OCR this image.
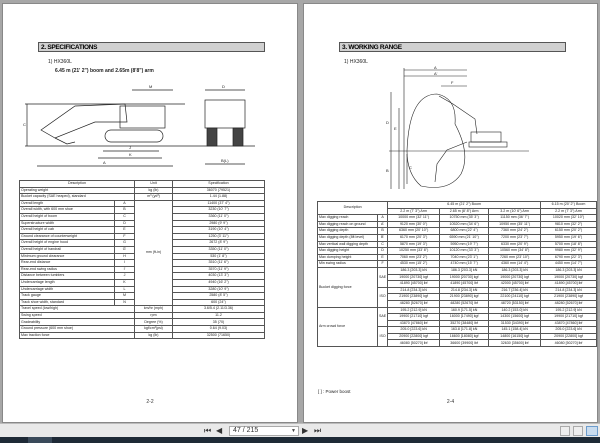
2. SPECIFICATIONS
1) HX360L
6.45 m (21' 2") boom and 2.65m (8'8") arm
C
A
K
J
M	D
B(L)
Description		Unit	Specification
Operating weight		kg (lb)	36070 (79521)
Bucket capacity (SAE heaped), standard		m³ (yd³)	1.44 (1.88)
Overall length	A	mm (ft-in)	11400 (37' 4")
Overall width, with 600 mm shoe	B		3230 (10' 7")
Overall height of boom	C		3360 (11' 0")
Superstructure width	D		2980 (9' 9")
Overall height of cab	E		3190 (10' 4")
Ground clearance of counterweight	F		1250 (3' 11")
Overall height of engine hood	G		2672 (8' 9")
Overall height of handrail	G'		3350 (11' 0")
Minimum ground clearance	H		530 (1' 8")
Rear-end distance	I		3510 (11' 6")
Rear-end swing radius	I'		3570 (11' 9")
Distance between tumblers	J		4030 (13' 3")
Undercarriage length	K		4940 (16' 2")
Undercarriage width	L		3280 (10' 9")
Track gauge	M		2580 (8' 5")
Track shoe width, standard	N		600 (24")
Travel speed (low/high)		km/hr (mph)	3.6/5.4 (2.11/3.36)
Swing speed		rpm	11.2
Gradeability		Degree (%)	35 (70)
Ground pressure (600 mm shoe)		kgf/cm²(psi)	0.64 (9.03)
Max traction force		kg (lb)	32500 (71650)
2-2
3. WORKING RANGE
1) HX360L
A
A'
F
D
E
B
C
Description		6.45 m (21' 2") Boom			6.15 m (20' 2") Boom
		2.2 m (7' 3") Arm	2.65 m (8' 8") Arm	3.2 m (10' 6") Arm	2.2 m (7' 3") Arm
Max digging reach	A	10000 mm (32' 11")	10750 mm (35' 3")	11150 mm (36' 7")	10020 mm (32' 10")
Max digging reach on ground	A'	9120 mm (30' 0")	10520 mm (34' 6")	10950 mm (35' 11")	9810 mm (32' 2")
Max digging depth	B	6360 mm (20' 10")	6800 mm (22' 4")	7360 mm (24' 2")	6150 mm (20' 2")
Max digging depth (8ft level)	B'	6170 mm (20' 3")	6590 mm (21' 10")	7200 mm (23' 7")	5950 mm (19' 6")
Max vertical wall digging depth	C	5870 mm (19' 3")	5950 mm (19' 7")	6330 mm (20' 9")	5700 mm (18' 8")
Max digging height	D	10250 mm (33' 8")	10120 mm (33' 3")	10560 mm (34' 8")	9980 mm (32' 9")
Max dumping height	E	7060 mm (23' 2")	7040 mm (23' 1")	7260 mm (23' 10")	6790 mm (22' 3")
Min swing radius	F	4530 mm (15' 2")	4740 mm (15' 7")	4360 mm (14' 4")	4450 mm (14' 7")
Bucket digging force	SAE	186.3 [203.3] kN	186.3 [203.3] kN	186.3 [203.3] kN	186.3 [203.3] kN
		19000 [20730] kgf	19000 [20730] kgf	19000 [20730] kgf	19000 [20730] kgf
		41890 [45700] lbf	41890 [45700] lbf	42000 [45700] lbf	41890 [45700] lbf
	ISO	214.8 [234.3] kN	214.8 [234.3] kN	216.7 [236.4] kN	214.8 [234.3] kN
		21900 [23890] kgf	21900 [23890] kgf	22100 [24110] kgf	21900 [23890] kgf
		48280 [52670] lbf	48280 [52670] lbf	48720 [53150] lbf	48280 [52670] lbf
Arm crowd force	SAE	195.2 [212.9] kN	160.9 [171.5] kN	140.2 [153.0] kN	195.2 [212.9] kN
		19900 [21710] kgf	16000 [17490] kgf	14300 [15600] kgf	19900 [21710] kgf
		43870 [47860] lbf	35270 [38480] lbf	31530 [34390] lbf	43870 [47860] lbf
	ISO	205.0 [223.6] kN	163.8 [171.8] kN	145.1 [158.4] kN	205.0 [223.6] kN
		20900 [22800] kgf	16600 [18080] kgf	14800 [16150] kgf	20900 [22800] kgf
		46080 [50270] lbf	36600 [39900] lbf	32630 [35600] lbf	46080 [50270] lbf
[ ] : Power boost
2-4
⏮ ◀	47 / 215	▼ ▶ ⏭
